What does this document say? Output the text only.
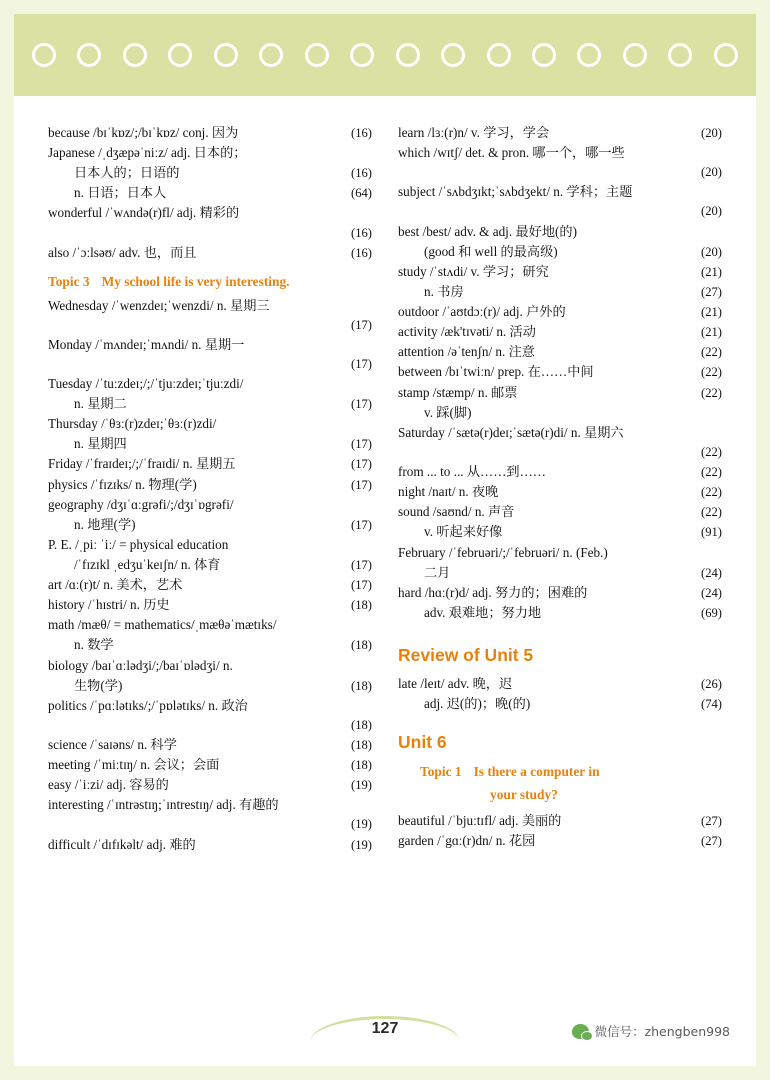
because /bɪˈkɒz/;/bɪˈkɒz/ conj. 因为	(16)
Japanese /ˌdʒæpəˈniːz/ adj. 日本的；
日本人的；日语的	(16)
n. 日语；日本人	(64)
wonderful /ˈwʌndə(r)fl/ adj. 精彩的
(16)
also /ˈɔːlsəʊ/ adv. 也，而且	(16)
Topic 3 My school life is very interesting.
Wednesday /ˈwenzdeɪ;ˈwenzdi/ n. 星期三
(17)
Monday /ˈmʌndeɪ;ˈmʌndi/ n. 星期一
(17)
Tuesday /ˈtuːzdeɪ;/;/ˈtjuːzdeɪ;ˈtjuːzdi/
n. 星期二	(17)
Thursday /ˈθɜː(r)zdeɪ;ˈθɜː(r)zdi/
n. 星期四	(17)
Friday /ˈfraɪdeɪ;/;/ˈfraɪdi/ n. 星期五	(17)
physics /ˈfɪzɪks/ n. 物理(学)	(17)
geography /dʒɪˈɑːgrəfi/;/dʒɪˈɒgrəfi/
n. 地理(学)	(17)
P. E. /ˌpiː ˈiː/ = physical education
/ˈfɪzɪkl ˌedʒuˈkeɪʃn/ n. 体育	(17)
art /ɑː(r)t/ n. 美术，艺术	(17)
history /ˈhɪstri/ n. 历史	(18)
math /mæθ/ = mathematics/ˌmæθəˈmætɪks/
n. 数学	(18)
biology /baɪˈɑːlədʒi/;/baɪˈɒlədʒi/ n.
生物(学)	(18)
politics /ˈpɑːlətɪks/;/ˈpɒlətɪks/ n. 政治
(18)
science /ˈsaɪəns/ n. 科学	(18)
meeting /ˈmiːtɪŋ/ n. 会议；会面	(18)
easy /ˈiːzi/ adj. 容易的	(19)
interesting /ˈɪntrəstɪŋ;ˈɪntrestɪŋ/ adj. 有趣的
(19)
difficult /ˈdɪfɪkəlt/ adj. 难的	(19)
learn /lɜː(r)n/ v. 学习，学会	(20)
which /wɪtʃ/ det. & pron. 哪一个，哪一些
(20)
subject /ˈsʌbdʒɪkt;ˈsʌbdʒekt/ n. 学科；主题
(20)
best /best/ adv. & adj. 最好地(的)
(good 和 well 的最高级)	(20)
study /ˈstʌdi/ v. 学习；研究	(21)
n. 书房	(27)
outdoor /ˈaʊtdɔː(r)/ adj. 户外的	(21)
activity /æk'tɪvəti/ n. 活动	(21)
attention /əˈtenʃn/ n. 注意	(22)
between /bɪˈtwiːn/ prep. 在……中间	(22)
stamp /stæmp/ n. 邮票	(22)
v. 踩(脚)
Saturday /ˈsætə(r)deɪ;ˈsætə(r)di/ n. 星期六
(22)
from ... to ... 从……到……	(22)
night /naɪt/ n. 夜晚	(22)
sound /saʊnd/ n. 声音	(22)
v. 听起来好像	(91)
February /ˈfebruəri/;/ˈfebruəri/ n. (Feb.)
二月	(24)
hard /hɑː(r)d/ adj. 努力的；困难的	(24)
adv. 艰难地；努力地	(69)
Review of Unit 5
late /leɪt/ adv. 晚，迟	(26)
adj. 迟(的)；晚(的)	(74)
Unit 6
Topic 1 Is there a computer in
your study?
beautiful /ˈbjuːtɪfl/ adj. 美丽的	(27)
garden /ˈgɑː(r)dn/ n. 花园	(27)
127	微信号：zhengben998
